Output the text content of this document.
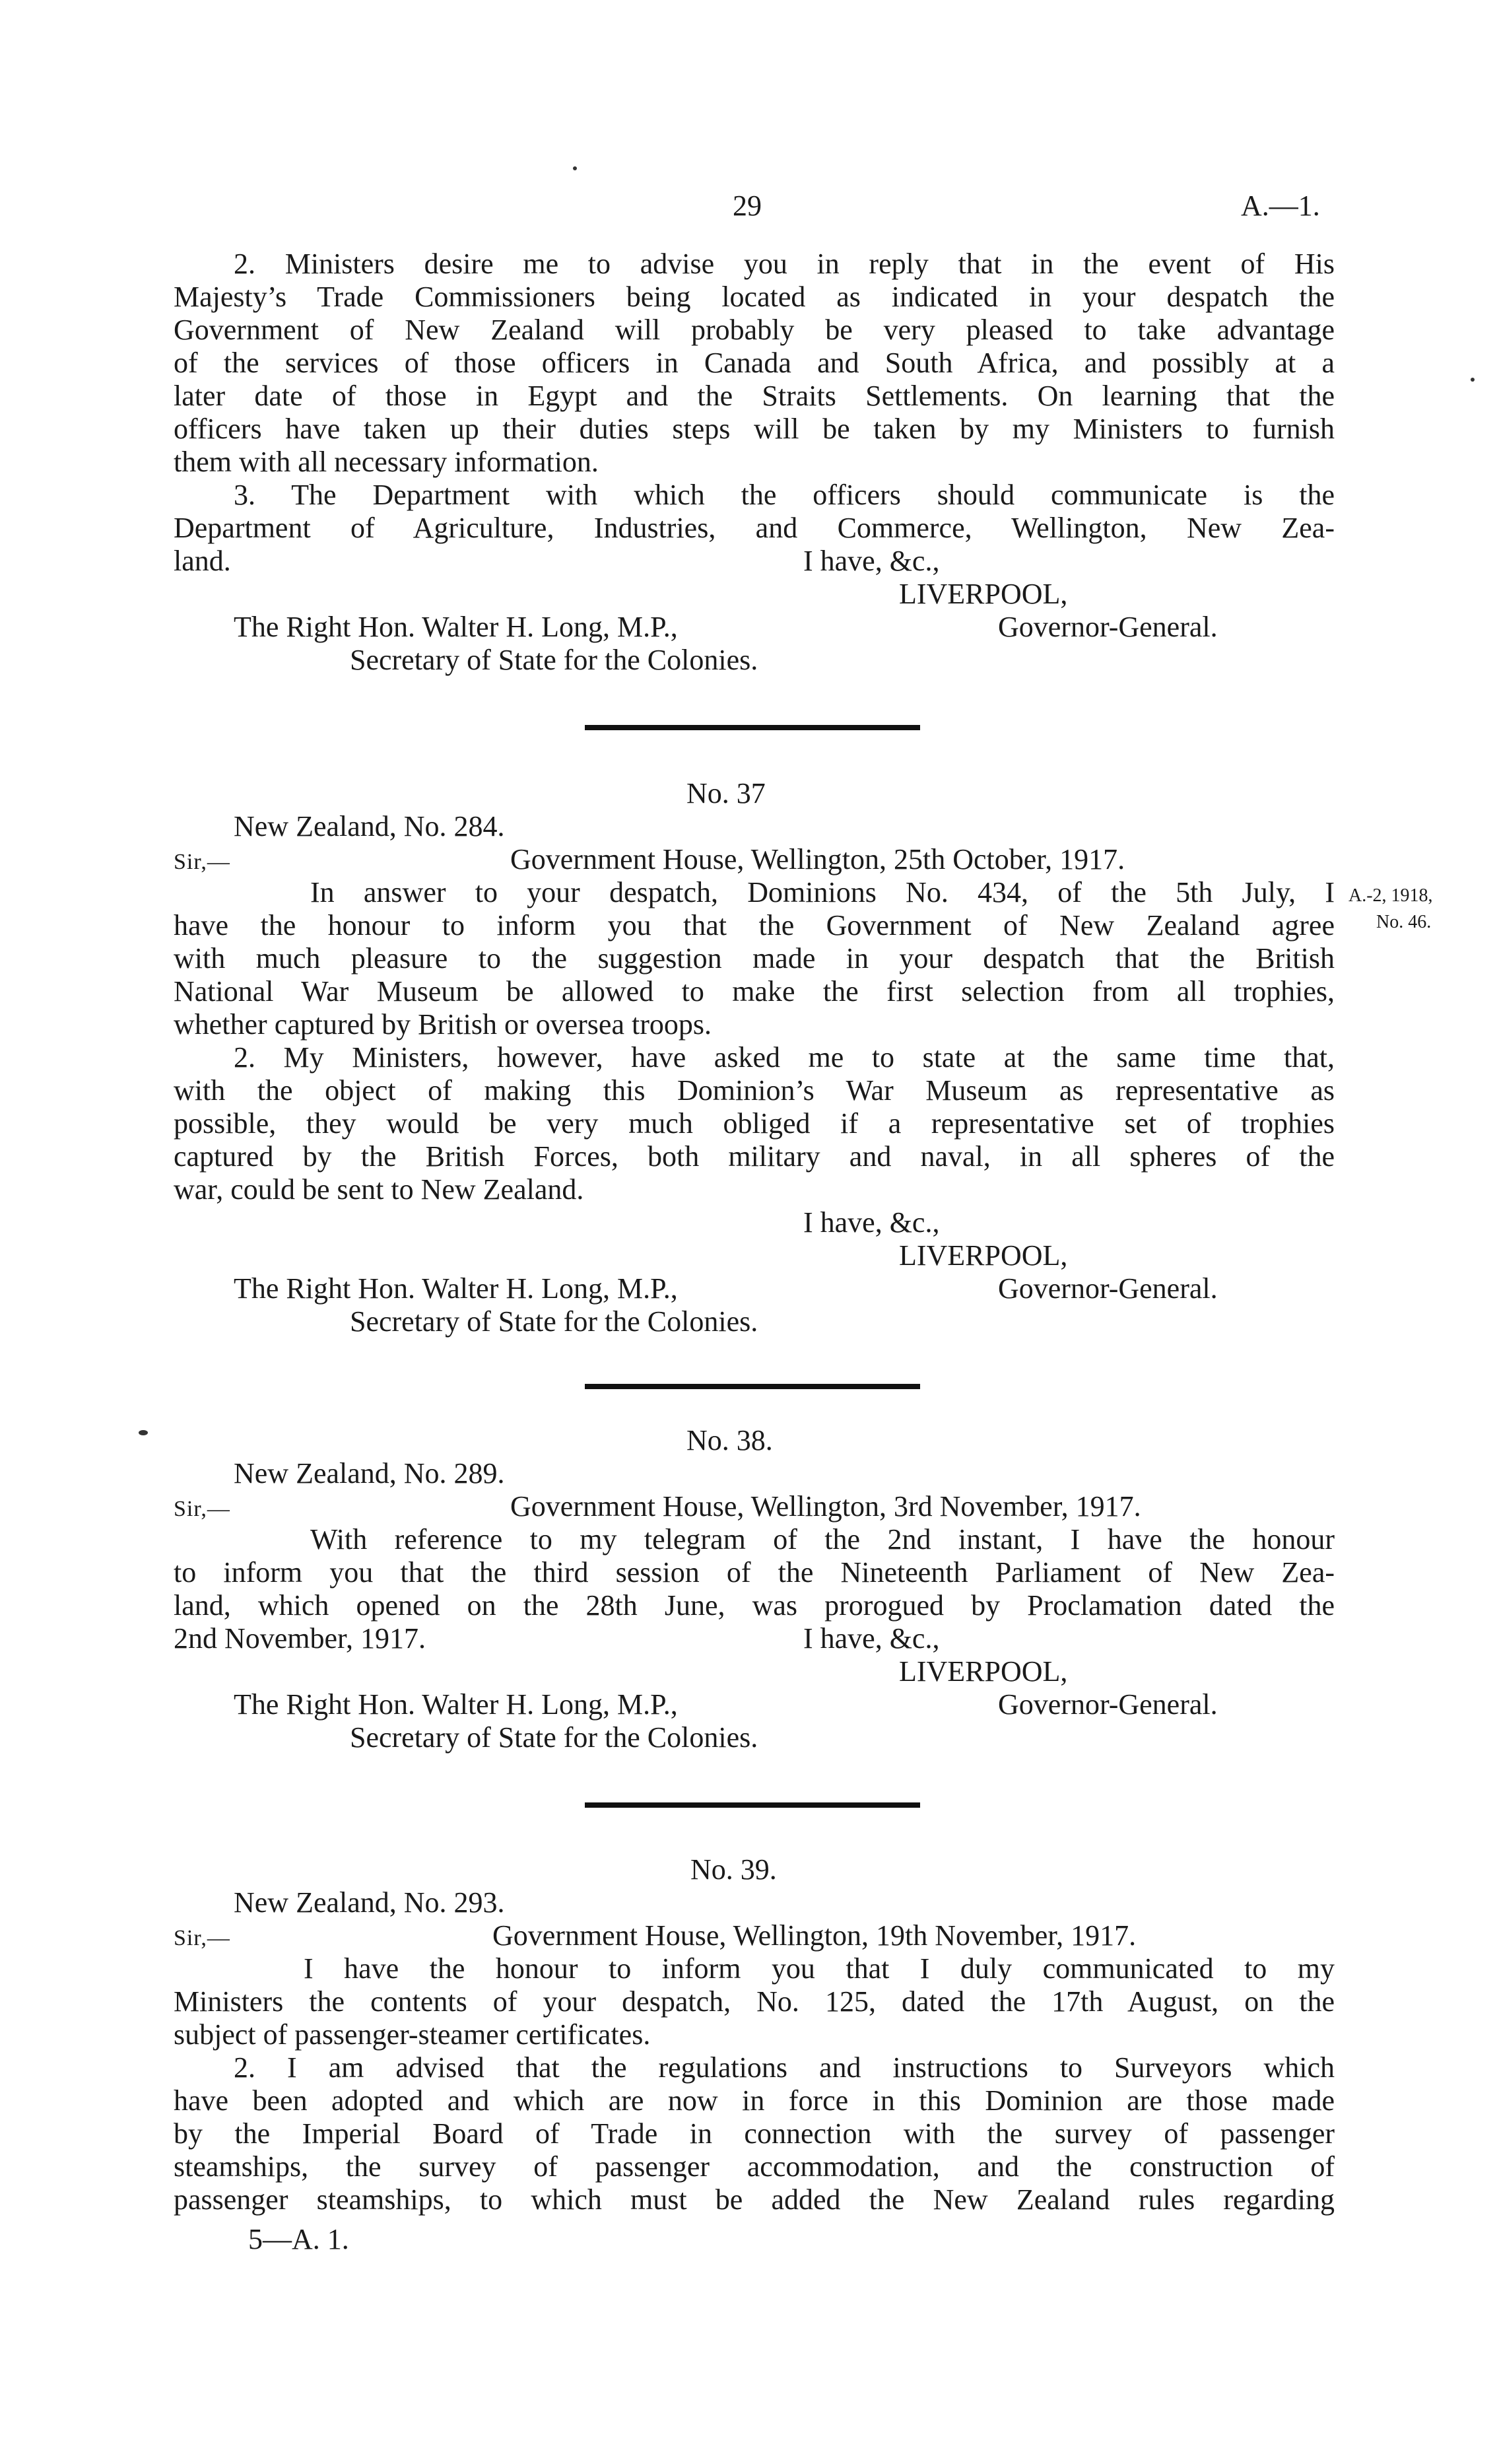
29	A.—1.
2. Ministers desire me to advise you in reply that in the event of His
Majesty’s Trade Commissioners being located as indicated in your despatch the
Government of New Zealand will probably be very pleased to take advantage
of the services of those officers in Canada and South Africa, and possibly at a
later date of those in Egypt and the Straits Settlements. On learning that the
officers have taken up their duties steps will be taken by my Ministers to furnish
them with all necessary information.
3. The Department with which the officers should communicate is the
Department of Agriculture, Industries, and Commerce, Wellington, New Zea-
land.	I have, &c.,
LIVERPOOL,
The Right Hon. Walter H. Long, M.P.,	Governor-General.
Secretary of State for the Colonies.
No. 37
New Zealand, No. 284.
Sir,—	Government House, Wellington, 25th October, 1917.
A.-2, 1918,
No. 46.
In answer to your despatch, Dominions No. 434, of the 5th July, I
have the honour to inform you that the Government of New Zealand agree
with much pleasure to the suggestion made in your despatch that the British
National War Museum be allowed to make the first selection from all trophies,
whether captured by British or oversea troops.
2. My Ministers, however, have asked me to state at the same time that,
with the object of making this Dominion’s War Museum as representative as
possible, they would be very much obliged if a representative set of trophies
captured by the British Forces, both military and naval, in all spheres of the
war, could be sent to New Zealand.
I have, &c.,
LIVERPOOL,
The Right Hon. Walter H. Long, M.P.,	Governor-General.
Secretary of State for the Colonies.
No. 38.
New Zealand, No. 289.
Sir,—	Government House, Wellington, 3rd November, 1917.
With reference to my telegram of the 2nd instant, I have the honour
to inform you that the third session of the Nineteenth Parliament of New Zea-
land, which opened on the 28th June, was prorogued by Proclamation dated the
2nd November, 1917.	I have, &c.,
LIVERPOOL,
The Right Hon. Walter H. Long, M.P.,	Governor-General.
Secretary of State for the Colonies.
No. 39.
New Zealand, No. 293.
Sir,—	Government House, Wellington, 19th November, 1917.
I have the honour to inform you that I duly communicated to my
Ministers the contents of your despatch, No. 125, dated the 17th August, on the
subject of passenger-steamer certificates.
2. I am advised that the regulations and instructions to Surveyors which
have been adopted and which are now in force in this Dominion are those made
by the Imperial Board of Trade in connection with the survey of passenger
steamships, the survey of passenger accommodation, and the construction of
passenger steamships, to which must be added the New Zealand rules regarding
5—A. 1.
